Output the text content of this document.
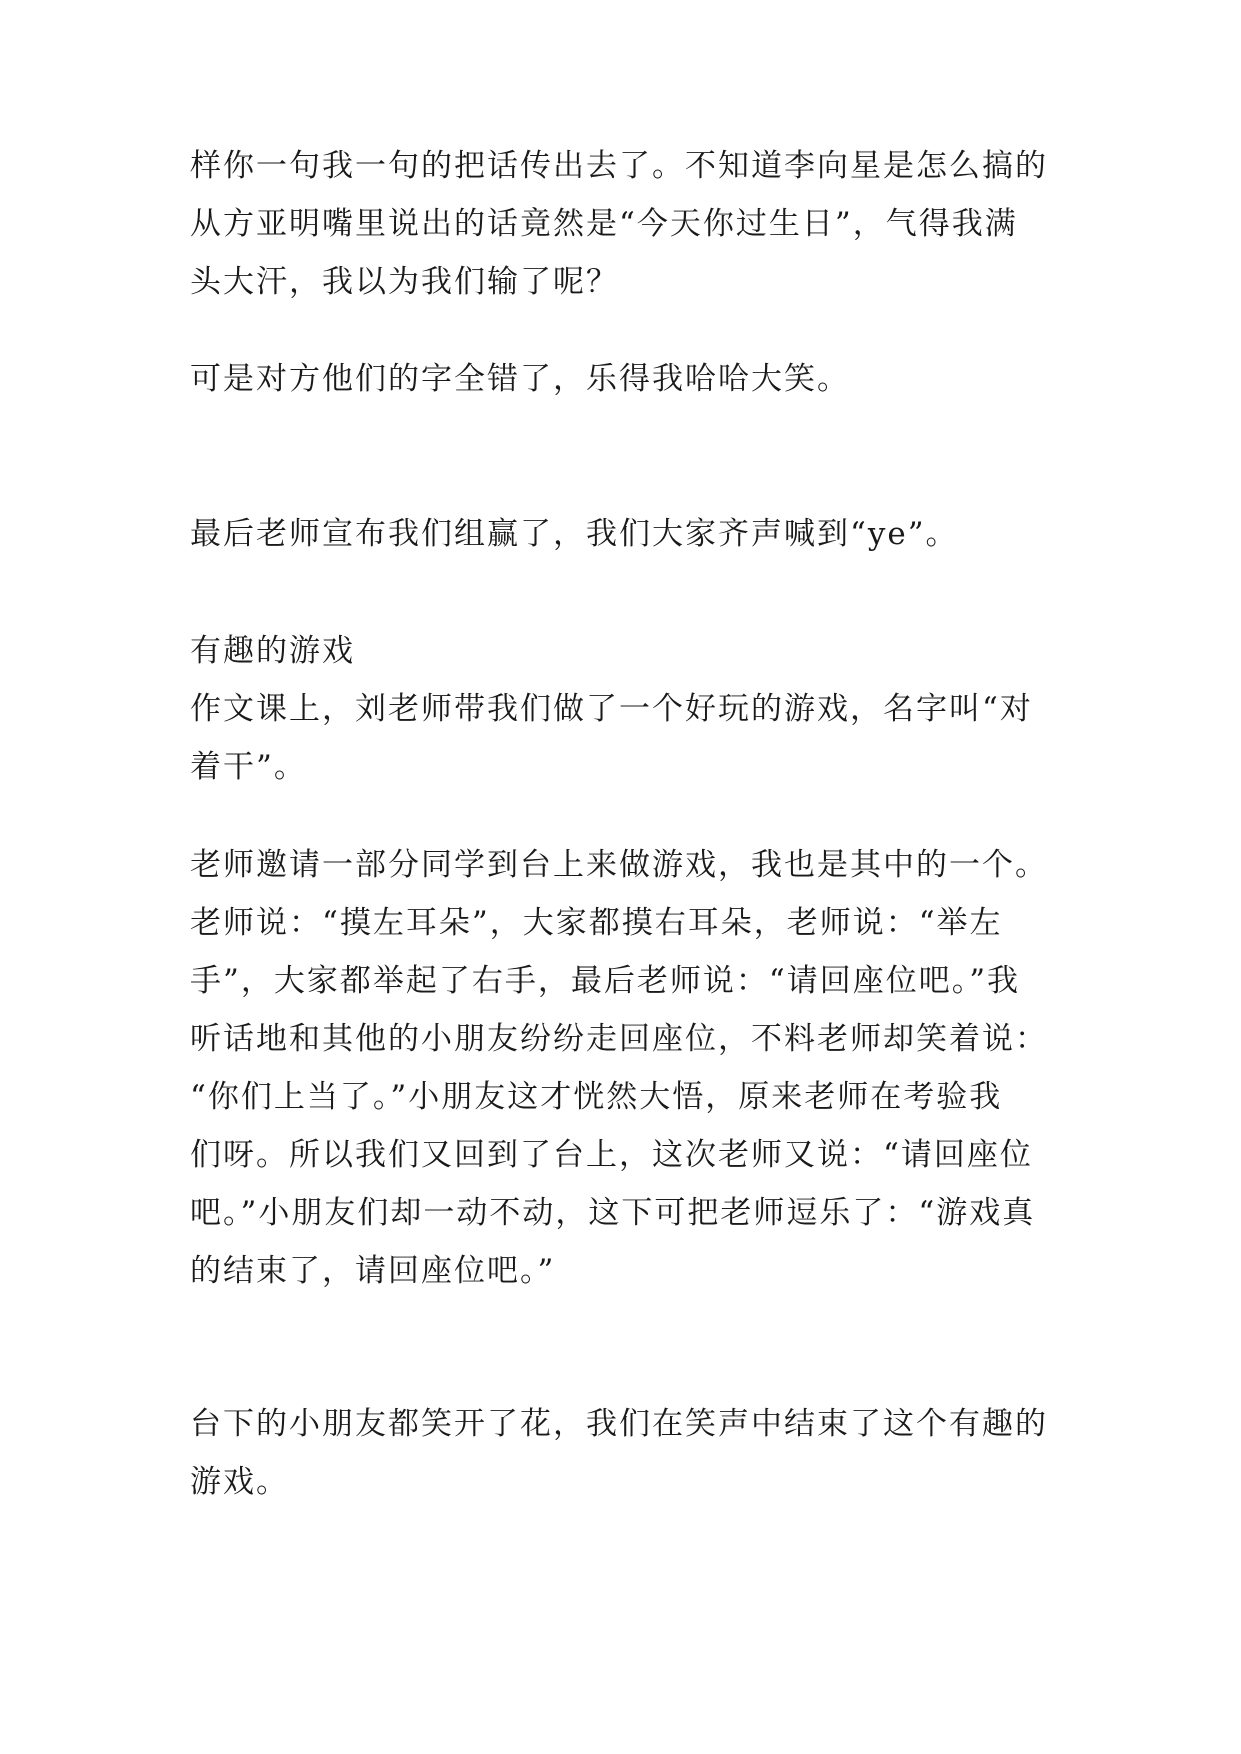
样你一句我一句的把话传出去了。不知道李向星是怎么搞的
从方亚明嘴里说出的话竟然是“今天你过生日”，气得我满
头大汗，我以为我们输了呢？
可是对方他们的字全错了，乐得我哈哈大笑。
最后老师宣布我们组赢了，我们大家齐声喊到“ye”。
有趣的游戏
作文课上，刘老师带我们做了一个好玩的游戏，名字叫“对
着干”。
老师邀请一部分同学到台上来做游戏，我也是其中的一个。
老师说：“摸左耳朵”，大家都摸右耳朵，老师说：“举左
手”，大家都举起了右手，最后老师说：“请回座位吧。”我
听话地和其他的小朋友纷纷走回座位，不料老师却笑着说：
“你们上当了。”小朋友这才恍然大悟，原来老师在考验我
们呀。所以我们又回到了台上，这次老师又说：“请回座位
吧。”小朋友们却一动不动，这下可把老师逗乐了：“游戏真
的结束了，请回座位吧。”
台下的小朋友都笑开了花，我们在笑声中结束了这个有趣的
游戏。
